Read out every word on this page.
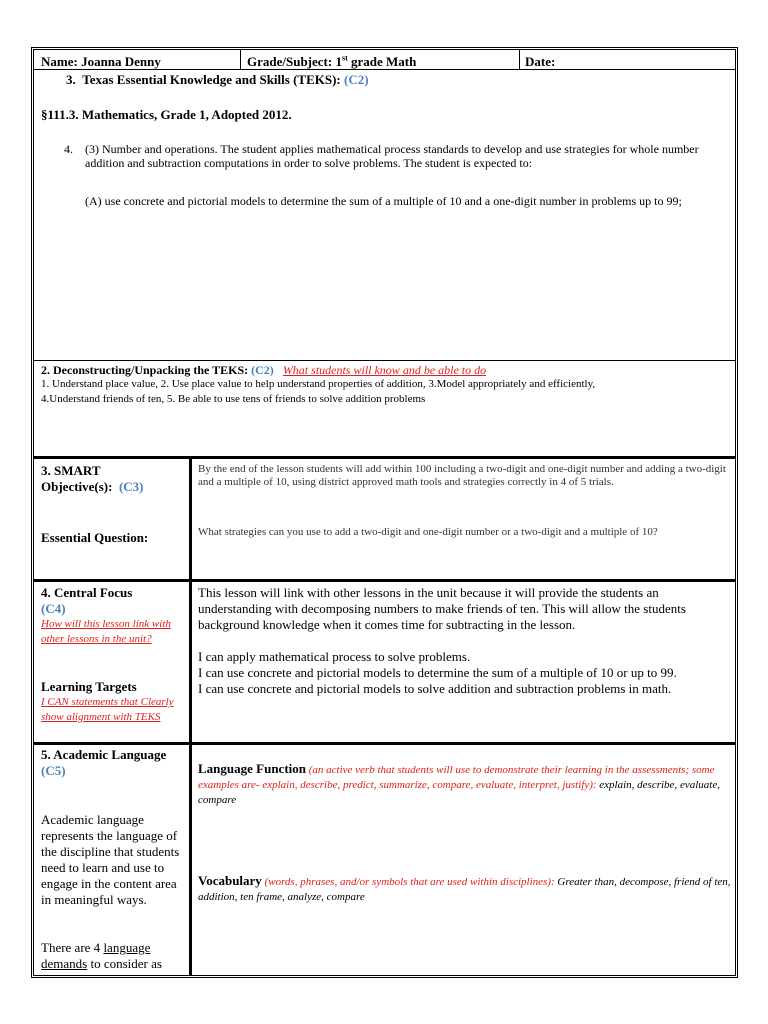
Name: Joanna Denny	Grade/Subject: 1st grade Math	Date:
3. Texas Essential Knowledge and Skills (TEKS): (C2)
§111.3. Mathematics, Grade 1, Adopted 2012.
4. (3) Number and operations. The student applies mathematical process standards to develop and use strategies for whole number addition and subtraction computations in order to solve problems. The student is expected to:
(A) use concrete and pictorial models to determine the sum of a multiple of 10 and a one-digit number in problems up to 99;
2. Deconstructing/Unpacking the TEKS: (C2) What students will know and be able to do
1. Understand place value, 2. Use place value to help understand properties of addition, 3.Model appropriately and efficiently,
4.Understand friends of ten, 5. Be able to use tens of friends to solve addition problems
3. SMART
Objective(s): (C3)
Essential Question:
By the end of the lesson students will add within 100 including a two-digit and one-digit number and adding a two-digit and a multiple of 10, using district approved math tools and strategies correctly in 4 of 5 trials.
What strategies can you use to add a two-digit and one-digit number or a two-digit and a multiple of 10?
4. Central Focus
(C4)
How will this lesson link with other lessons in the unit?
Learning Targets
I CAN statements that Clearly show alignment with TEKS
This lesson will link with other lessons in the unit because it will provide the students an understanding with decomposing numbers to make friends of ten. This will allow the students background knowledge when it comes time for subtracting in the lesson.
I can apply mathematical process to solve problems.
I can use concrete and pictorial models to determine the sum of a multiple of 10 or up to 99.
I can use concrete and pictorial models to solve addition and subtraction problems in math.
5. Academic Language
(C5)
Academic language represents the language of the discipline that students need to learn and use to engage in the content area in meaningful ways.
There are 4 language
demands to consider as
Language Function (an active verb that students will use to demonstrate their learning in the assessments; some examples are- explain, describe, predict, summarize, compare, evaluate, interpret, justify): explain, describe, evaluate, compare
Vocabulary (words, phrases, and/or symbols that are used within disciplines): Greater than, decompose, friend of ten, addition, ten frame, analyze, compare
